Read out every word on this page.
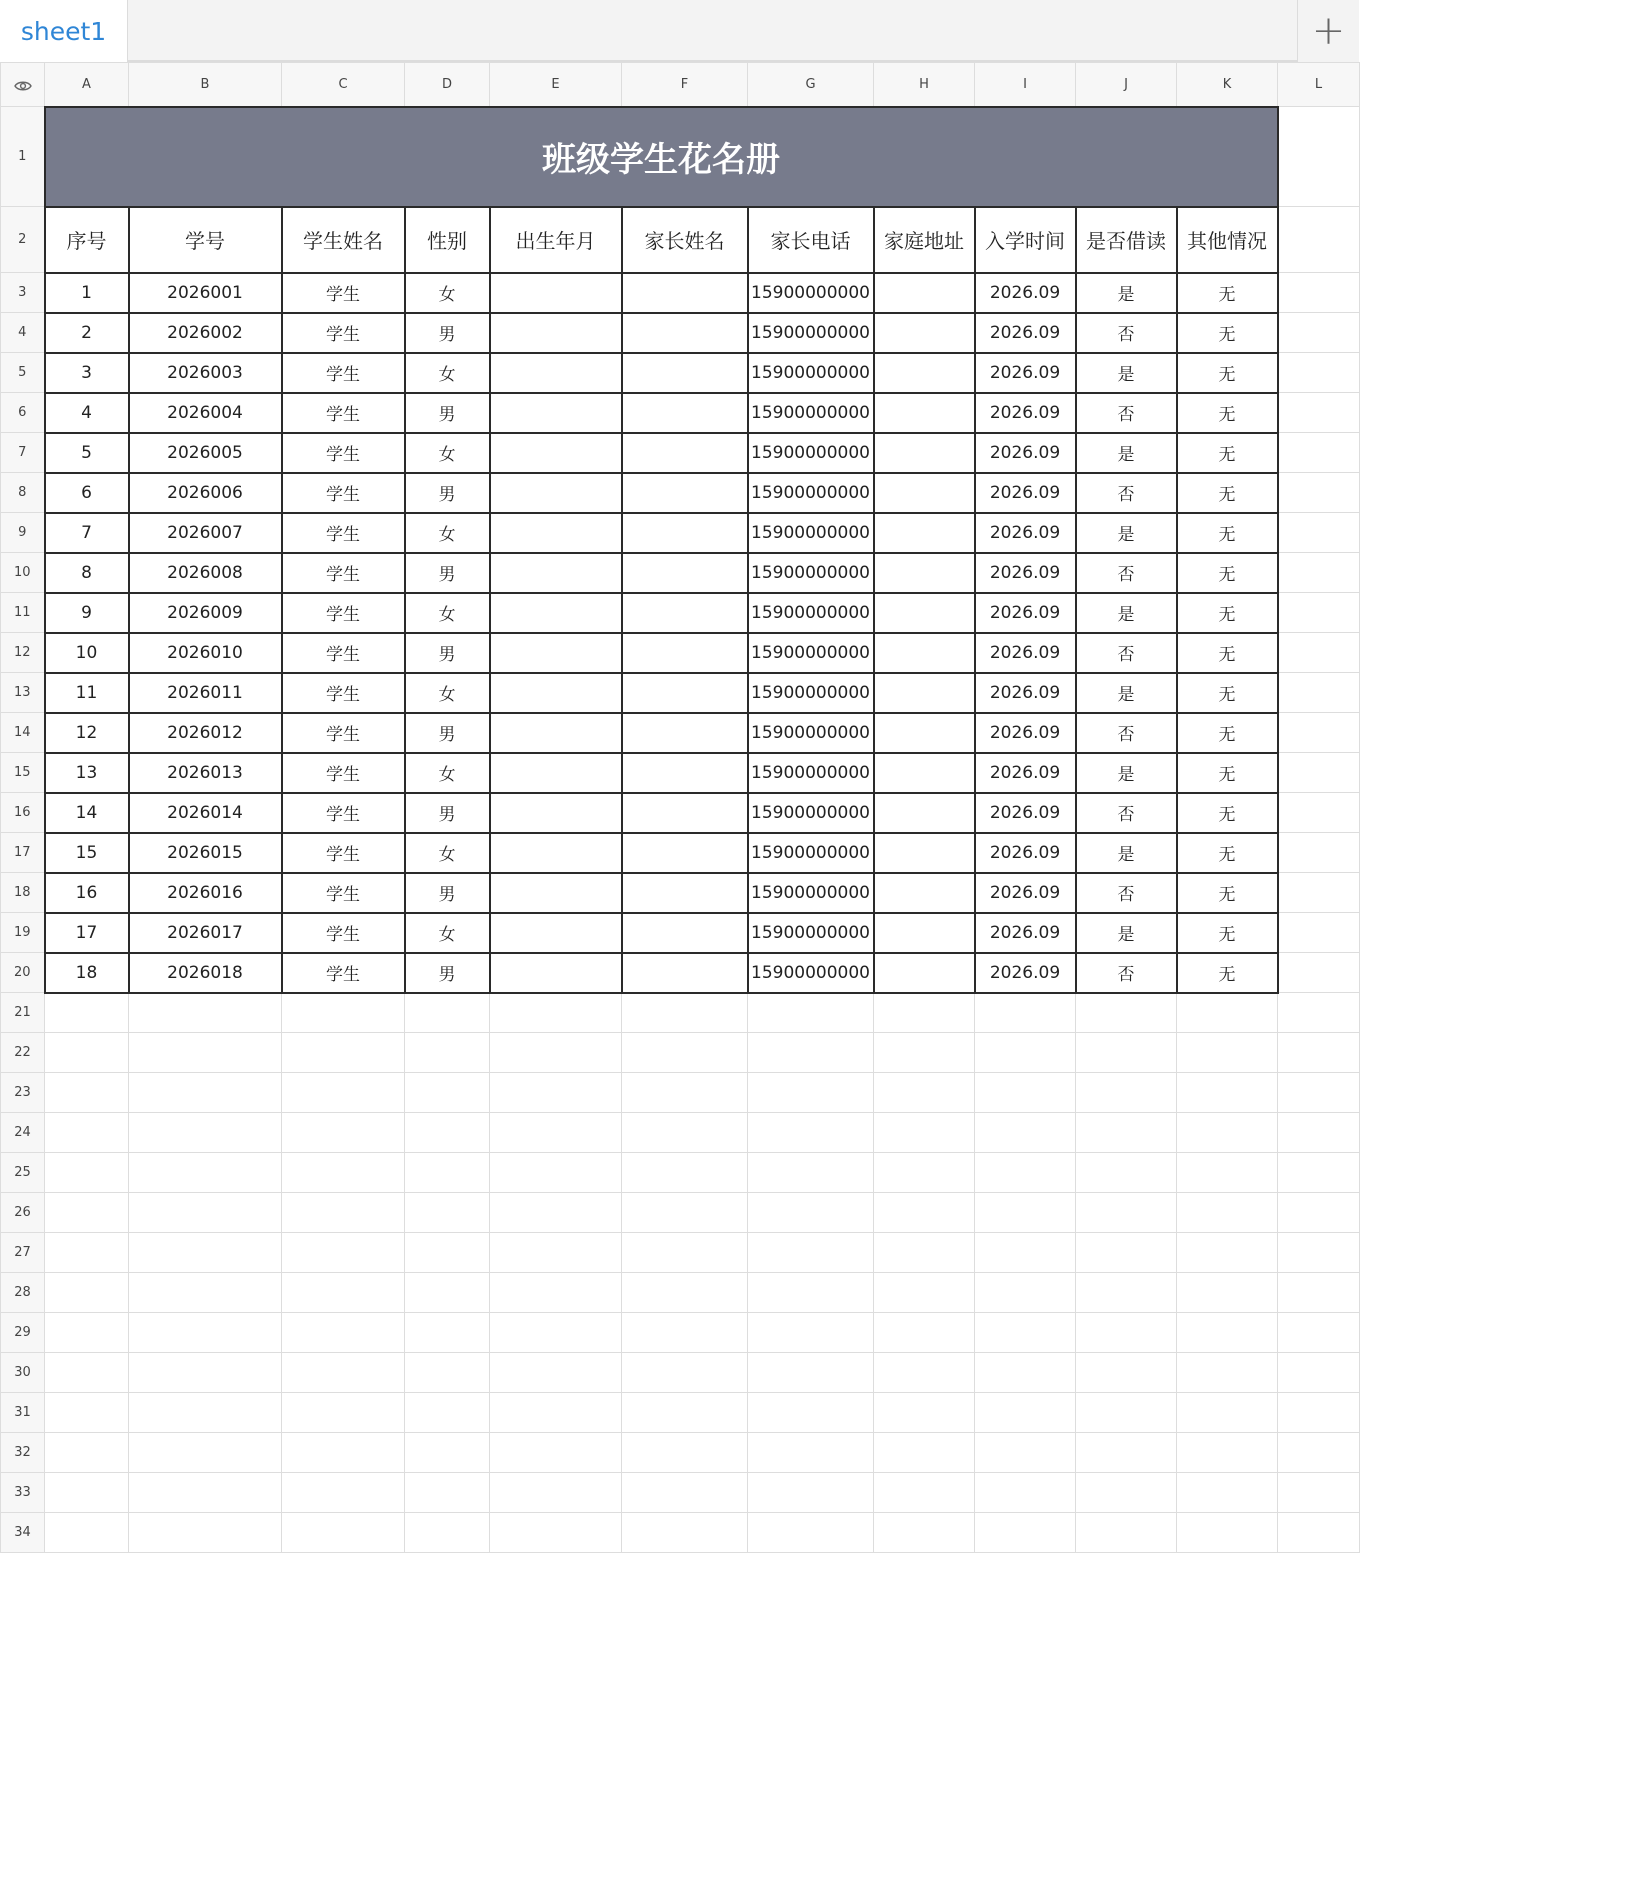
sheet1	+
	A	B	C	D	E	F	G	H	I	J	K	L
1	班级学生花名册											
2	序号	学号	学生姓名	性别	出生年月	家长姓名	家长电话	家庭地址	入学时间	是否借读	其他情况	
3	1	2026001	学生	女			15900000000		2026.09	是	无	
4	2	2026002	学生	男			15900000000		2026.09	否	无	
5	3	2026003	学生	女			15900000000		2026.09	是	无	
6	4	2026004	学生	男			15900000000		2026.09	否	无	
7	5	2026005	学生	女			15900000000		2026.09	是	无	
8	6	2026006	学生	男			15900000000		2026.09	否	无	
9	7	2026007	学生	女			15900000000		2026.09	是	无	
10	8	2026008	学生	男			15900000000		2026.09	否	无	
11	9	2026009	学生	女			15900000000		2026.09	是	无	
12	10	2026010	学生	男			15900000000		2026.09	否	无	
13	11	2026011	学生	女			15900000000		2026.09	是	无	
14	12	2026012	学生	男			15900000000		2026.09	否	无	
15	13	2026013	学生	女			15900000000		2026.09	是	无	
16	14	2026014	学生	男			15900000000		2026.09	否	无	
17	15	2026015	学生	女			15900000000		2026.09	是	无	
18	16	2026016	学生	男			15900000000		2026.09	否	无	
19	17	2026017	学生	女			15900000000		2026.09	是	无	
20	18	2026018	学生	男			15900000000		2026.09	否	无	
21												
22												
23												
24												
25												
26												
27												
28												
29												
30												
31												
32												
33												
34												
